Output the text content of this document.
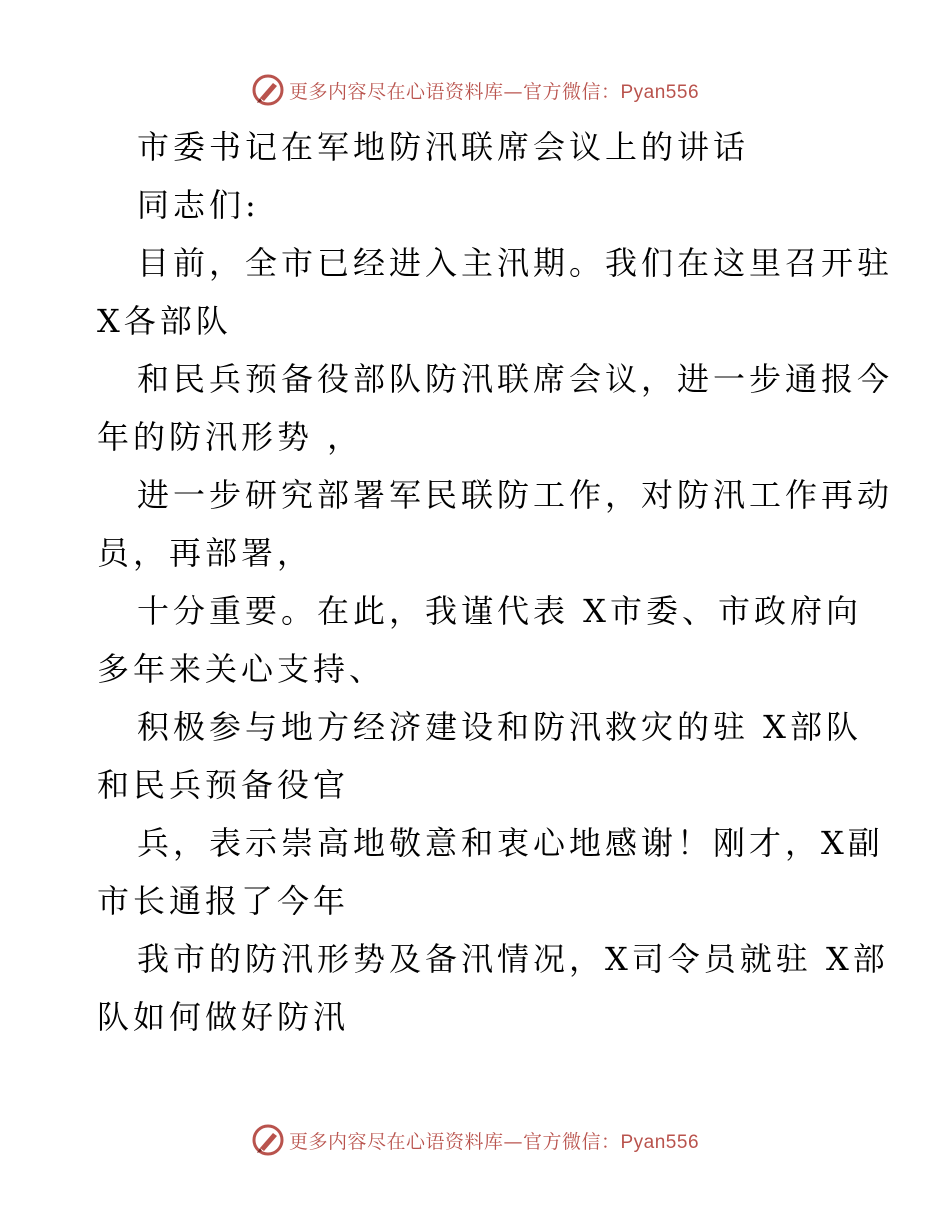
更多内容尽在心语资料库—官方微信：Pyan556
市委书记在军地防汛联席会议上的讲话
同志们:
目前，全市已经进入主汛期。我们在这里召开驻
X各部队
和民兵预备役部队防汛联席会议，进一步通报今
年的防汛形势 ，
进一步研究部署军民联防工作，对防汛工作再动
员，再部署，
十分重要。在此，我谨代表 X市委、市政府向
多年来关心支持、
积极参与地方经济建设和防汛救灾的驻 X部队
和民兵预备役官
兵，表示崇高地敬意和衷心地感谢！刚才，X副
市长通报了今年
我市的防汛形势及备汛情况，X司令员就驻 X部
队如何做好防汛
更多内容尽在心语资料库—官方微信：Pyan556
